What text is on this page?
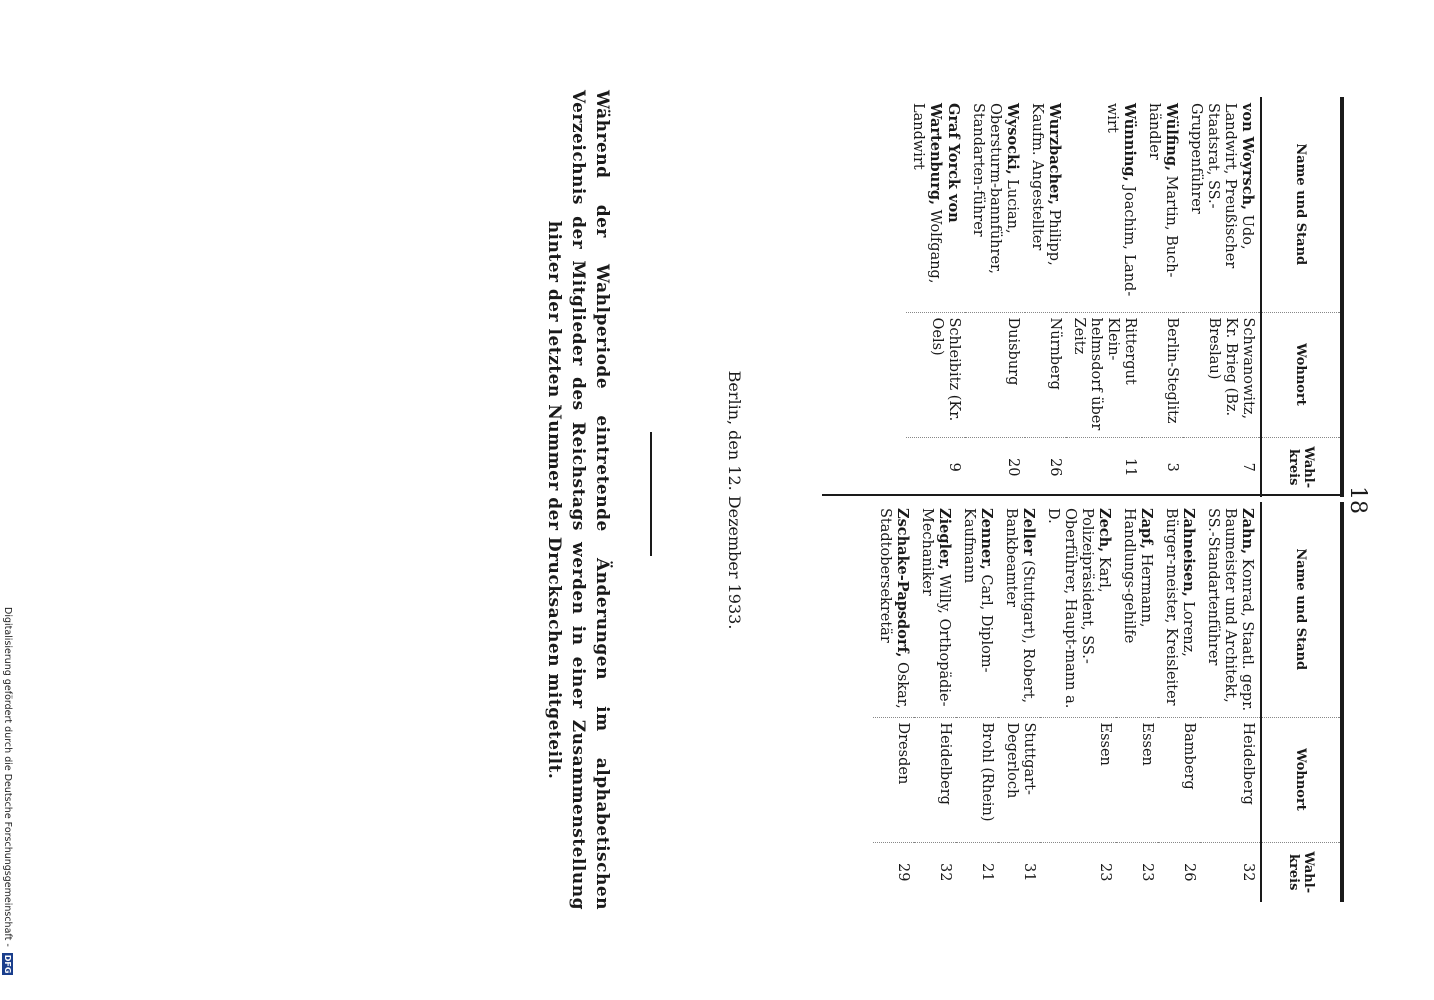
18
Name und Stand	Wohnort	Wahl-kreis
von Woyrsch, Udo, Landwirt, Preußischer Staatsrat, SS.-Gruppenführer	Schwanowitz, Kr. Brieg (Bz. Breslau)	7
Wülfing, Martin, Buch-händler	Berlin-Steglitz	3
Wünning, Joachim, Land-wirt	Rittergut Klein-helmsdorf über Zeitz	11
Wurzbacher, Philipp, Kaufm. Angestellter	Nürnberg	26
Wysocki, Lucian, Obersturm-bannführer, Standarten-führer	Duisburg	20
Graf Yorck von Wartenburg, Wolfgang, Landwirt	Schleibitz (Kr. Oels)	9
Name und Stand	Wohnort	Wahl-kreis
Zahn, Konrad, Staatl. gepr. Baumeister und Architekt, SS.-Standartenführer	Heidelberg	32
Zahneisen, Lorenz, Bürger-meister, Kreisleiter	Bamberg	26
Zapf, Hermann, Handlungs-gehilfe	Essen	23
Zech, Karl, Polizeipräsident, SS.-Oberführer, Haupt-mann a. D.	Essen	23
Zeller (Stuttgart), Robert, Bankbeamter	Stuttgart-Degerloch	31
Zenner, Carl, Diplom-Kaufmann	Brohl (Rhein)	21
Ziegler, Willy, Orthopädie-Mechaniker	Heidelberg	32
Zschake-Papsdorf, Oskar, Stadtobersekretär	Dresden	29
Berlin, den 12. Dezember 1933.
Während der Wahlperiode eintretende Änderungen im alphabetischen Verzeichnis der Mitglieder des Reichstags werden in einer Zusammenstellung hinter der letzten Nummer der Drucksachen mitgeteilt.
Digitalisierung gefördert durch die Deutsche Forschungsgemeinschaft - DFG
